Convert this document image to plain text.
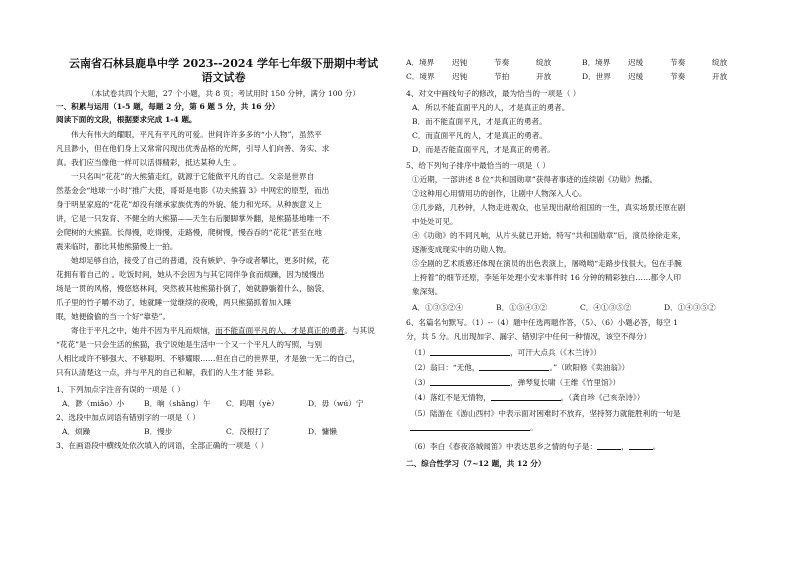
云南省石林县鹿阜中学 2023--2024 学年七年级下册期中考试
语文试卷
（本试卷共四个大题，27 个小题，共 8 页；考试用时 150 分钟，满分 100 分）
一、积累与运用（1-5 题，每题 2 分，第 6 题 5 分，共 16 分）
阅读下面的文段，根据要求完成 1-4 题。
伟大有伟大的耀眼，平凡有平凡的可爱。世间许许多多的“小人物”，虽然平
凡且渺小，但在他们身上又常常闪现出优秀品格的光辉，引导人们向善、务实、求
真。我们应当像他一样可以活得精彩，抵达某种人生 。
一只名叫“花花”的大熊猫走红，就源于它能做平凡的自己。父亲是世界自
然基金会“地球一小时”推广大使，哥哥是电影《功夫熊猫 3》中网宏的原型，而出
身于明星家庭的“花花”却没有继承家族优秀的外貌、能力和光环。从种族意义上
讲，它是一只发育、不健全的大熊猫——天生右后腿脚掌外翻，是熊猫基地唯一不
会爬树的大熊猫。长得慢，吃得慢，走路慢，爬树慢，慢吞吞的“花花”甚至在地
震来临时，都比其他熊猫慢上一拍。
她却足够自洽，接受了自己的普通，没有嫉妒、争夺或者攀比，更多时候，花
花拥有着自己的 。吃饭时间，她从不会因为与其它同伴争食而烦躁，因为缓慢出
场是一贯的风格，慢悠悠林间，突然被其他熊猫扑倒了，她就静躺着什么，脑袋，
爪子里的竹子嚼不动了，她就睡一觉继续的夜晚，两只熊猫抓着加入睡
眠，她便偷偷的当一个好“靠垫”。
寄住于平凡之中，她并不因为平凡而烦恼，而不能直面平凡的人，才是真正的勇者。与其说
“花花”是一只会生活的熊猫，我宁说她是生活中一个又一个平凡人的写照，与别
人相比或许不够强大、不够聪明、不够耀眼……但在自己的世界里，才是独一无二的自己，
只有认清楚这一点，并与平凡的自己和解，我们的人生才能 异彩。
1、下列加点字注音有误的一项是（ ）
A．渺（miǎo）小	B．晌（shǎng）午	C．呜咽（yè）	D．毋（wú）宁
2、选段中加点词语有错别字的一项是（ ）
A．烦躁	B．慢步	C．没根打了	D．慵懒
3、在画语段中横线处依次填入的词语，全部正确的一项是（ ）
A．境界	迟钝	节奏	绽放	B．境界	迟缓	节奏	绽放
C．境界	迟钝	节拍	开放	D．世界	迟缓	节奏	开放
4、对文中画线句子的修改，最为恰当的一项是（ ）
A．所以不能直面平凡的人，才是真正的勇者。
B．而不能直面平凡，才是真正的勇者。
C．而直面平凡的人，才是真正的勇者。
D．而是否能直面平凡，才是真正的勇者。
5、给下列句子排序中最恰当的一项是（ ）
①近期，一部讲述 8 位“共和国勋章”获得者事迹的连续剧《功勋》热播。
②这种用心用情用功的创作，让剧中人物深入人心。
③几步路，几秒钟，人物走进观众，也呈现出献给祖国的一生，真实场景还原在剧
中处处可见。
④《功勋》的不同凡响，从片头就已开始。特写“共和国勋章”后，演员徐徐走来，
逐渐变成现实中的功勋人物。
⑤全剧的艺术质感还体现在演员的出色表演上，屠呦呦“走路步伐很大，包在手腕
上挎着”的细节还原，李延年处理小安未事件时 16 分钟的精彩独白……都令人印
象深刻。
A．①③⑤②④	B．①⑤④③②	C．④①③⑤②	D．①④③⑤②
6、名篇名句默写。（1）--（4）题中任选两题作答，（5）、（6）小题必答，每空 1
分，共 5 分。凡出现加字、漏字、错别字中任何一种情况，该空不得分）
（1）	，可汗大点兵（《木兰诗》）
（2）翁曰：“无他，	。”（欧阳修《卖油翁》）
（3）	，弹琴复长啸（王维《竹里馆》）
（4）落红不是无情物，	。（龚自珍《己亥杂诗》）
（5）陆游在《游山西村》中表示面对困难时不放弃，坚持努力就能胜利的一句是
。
（6）李白《春夜洛城闻笛》中表达思乡之情的句子是：	，	。
二、综合性学习（7~12 题，共 12 分）
